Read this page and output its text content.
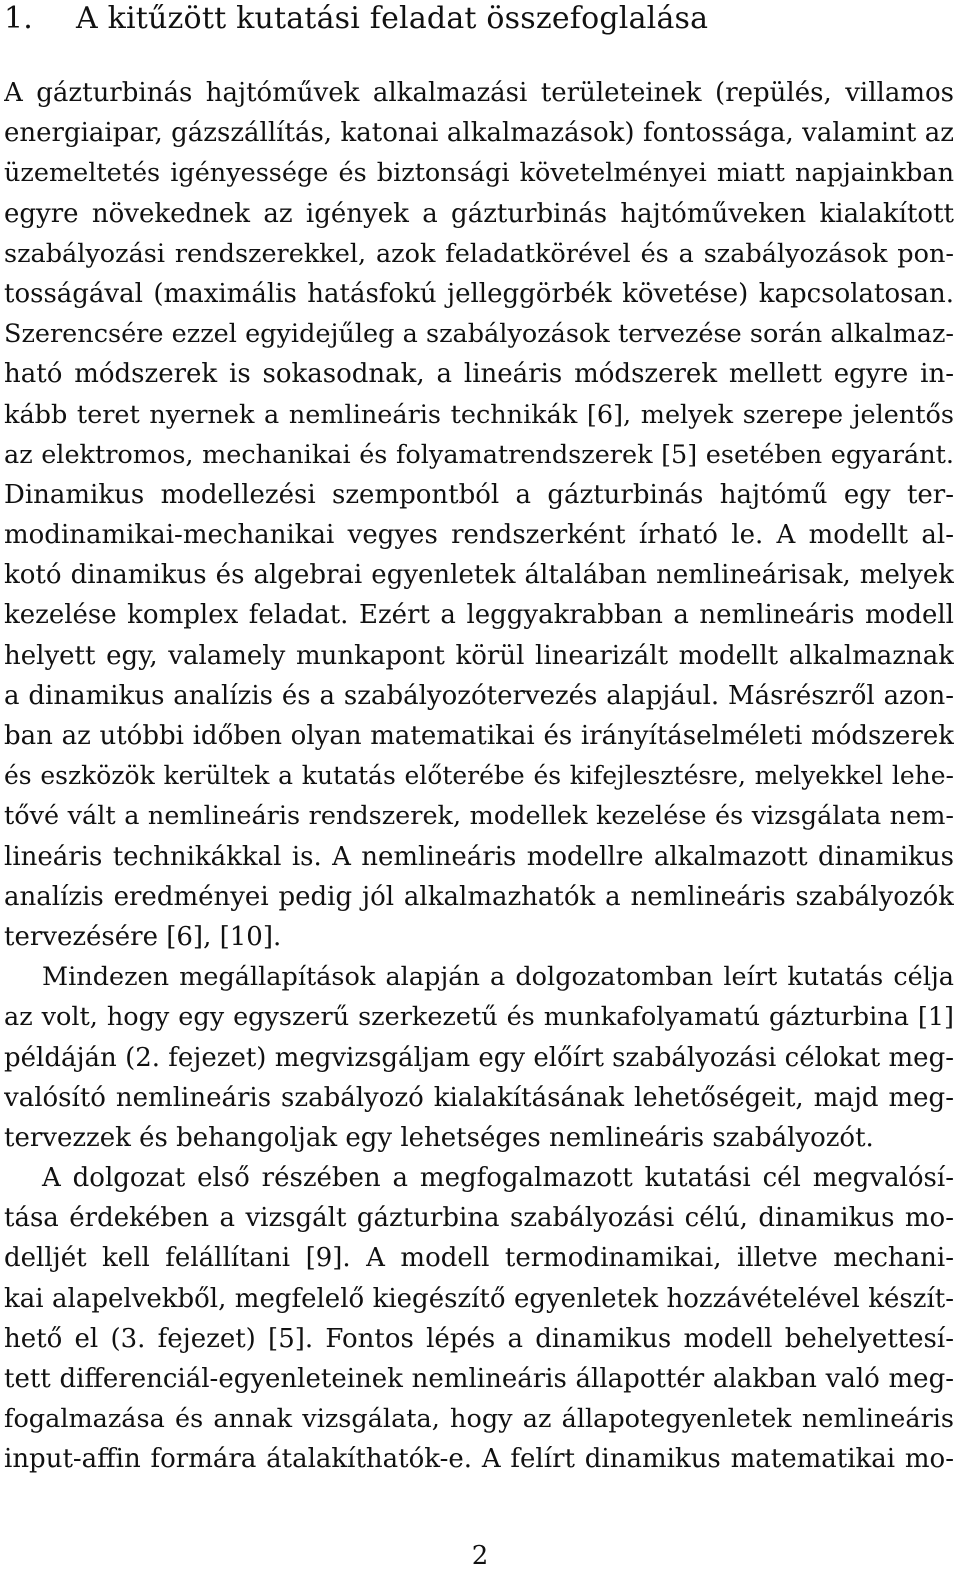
1. A kitűzött kutatási feladat összefoglalása
A gázturbinás hajtóművek alkalmazási területeinek (repülés, villamos
energiaipar, gázszállítás, katonai alkalmazások) fontossága, valamint az
üzemeltetés igényessége és biztonsági követelményei miatt napjainkban
egyre növekednek az igények a gázturbinás hajtóműveken kialakított
szabályozási rendszerekkel, azok feladatkörével és a szabályozások pon-
tosságával (maximális hatásfokú jelleggörbék követése) kapcsolatosan.
Szerencsére ezzel egyidejűleg a szabályozások tervezése során alkalmaz-
ható módszerek is sokasodnak, a lineáris módszerek mellett egyre in-
kább teret nyernek a nemlineáris technikák [6], melyek szerepe jelentős
az elektromos, mechanikai és folyamatrendszerek [5] esetében egyaránt.
Dinamikus modellezési szempontból a gázturbinás hajtómű egy ter-
modinamikai-mechanikai vegyes rendszerként írható le. A modellt al-
kotó dinamikus és algebrai egyenletek általában nemlineárisak, melyek
kezelése komplex feladat. Ezért a leggyakrabban a nemlineáris modell
helyett egy, valamely munkapont körül linearizált modellt alkalmaznak
a dinamikus analízis és a szabályozótervezés alapjául. Másrészről azon-
ban az utóbbi időben olyan matematikai és irányításelméleti módszerek
és eszközök kerültek a kutatás előterébe és kifejlesztésre, melyekkel lehe-
tővé vált a nemlineáris rendszerek, modellek kezelése és vizsgálata nem-
lineáris technikákkal is. A nemlineáris modellre alkalmazott dinamikus
analízis eredményei pedig jól alkalmazhatók a nemlineáris szabályozók
tervezésére [6], [10].
Mindezen megállapítások alapján a dolgozatomban leírt kutatás célja
az volt, hogy egy egyszerű szerkezetű és munkafolyamatú gázturbina [1]
példáján (2. fejezet) megvizsgáljam egy előírt szabályozási célokat meg-
valósító nemlineáris szabályozó kialakításának lehetőségeit, majd meg-
tervezzek és behangoljak egy lehetséges nemlineáris szabályozót.
A dolgozat első részében a megfogalmazott kutatási cél megvalósí-
tása érdekében a vizsgált gázturbina szabályozási célú, dinamikus mo-
delljét kell felállítani [9]. A modell termodinamikai, illetve mechani-
kai alapelvekből, megfelelő kiegészítő egyenletek hozzávételével készít-
hető el (3. fejezet) [5]. Fontos lépés a dinamikus modell behelyettesí-
tett differenciál-egyenleteinek nemlineáris állapottér alakban való meg-
fogalmazása és annak vizsgálata, hogy az állapotegyenletek nemlineáris
input-affin formára átalakíthatók-e. A felírt dinamikus matematikai mo-
2
